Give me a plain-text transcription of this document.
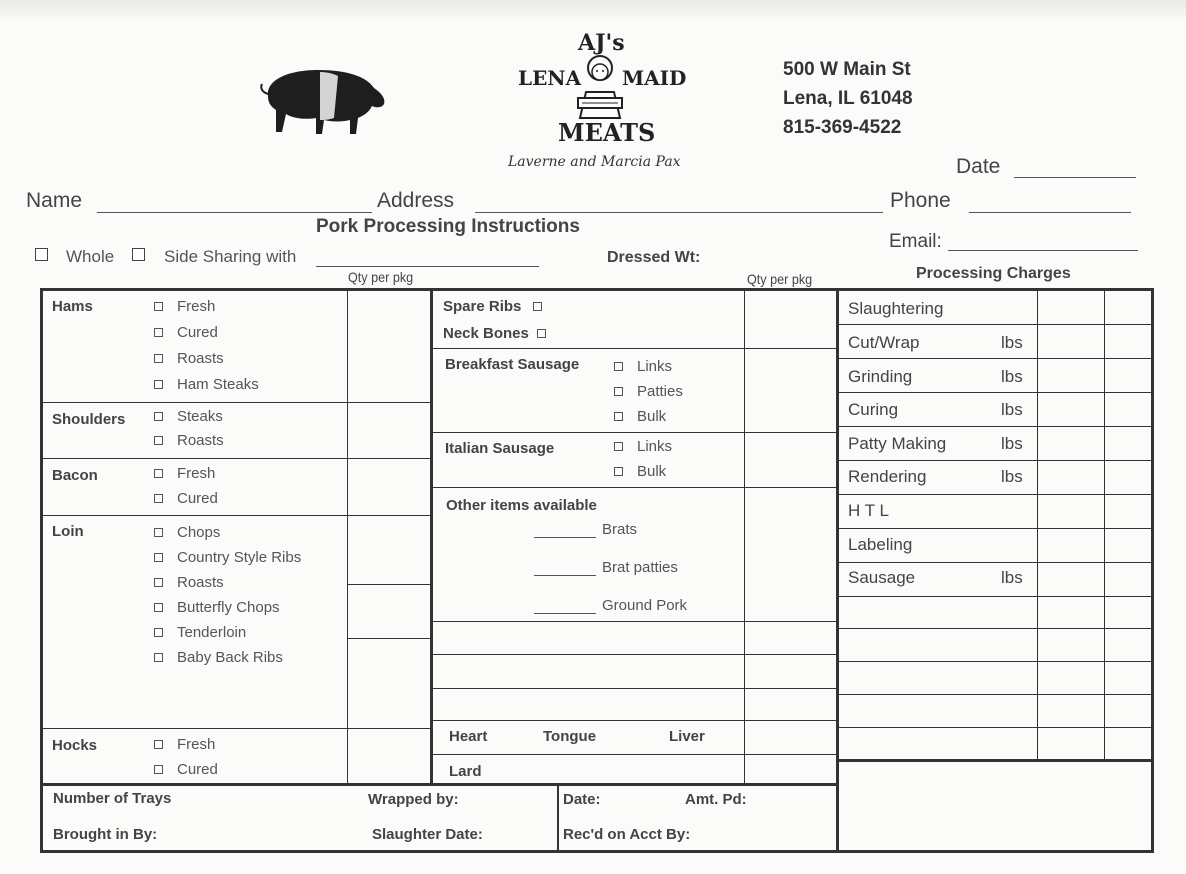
AJ's
LENA MAID
MEATS
Laverne and Marcia Pax
500 W Main St
Lena, IL 61048
815-369-4522
Date
Name	Address	Phone
Pork Processing Instructions
Email:
Whole	Side Sharing with	Dressed Wt:
Qty per pkg	Qty per pkg	Processing Charges
Hams	Fresh
Cured
Roasts
Ham Steaks
Shoulders	Steaks
Roasts
Bacon	Fresh
Cured
Loin	Chops
Country Style Ribs
Roasts
Butterfly Chops
Tenderloin
Baby Back Ribs
Hocks	Fresh
Cured
Spare Ribs
Neck Bones
Breakfast Sausage	Links
Patties
Bulk
Italian Sausage	Links
Bulk
Other items available
Brats
Brat patties
Ground Pork
Heart	Tongue	Liver
Lard
Slaughtering
Cut/Wrap	lbs
Grinding	lbs
Curing	lbs
Patty Making	lbs
Rendering	lbs
H T L
Labeling
Sausage	lbs
Number of Trays	Wrapped by:
Brought in By:	Slaughter Date:
Date:	Amt. Pd:
Rec'd on Acct By:
